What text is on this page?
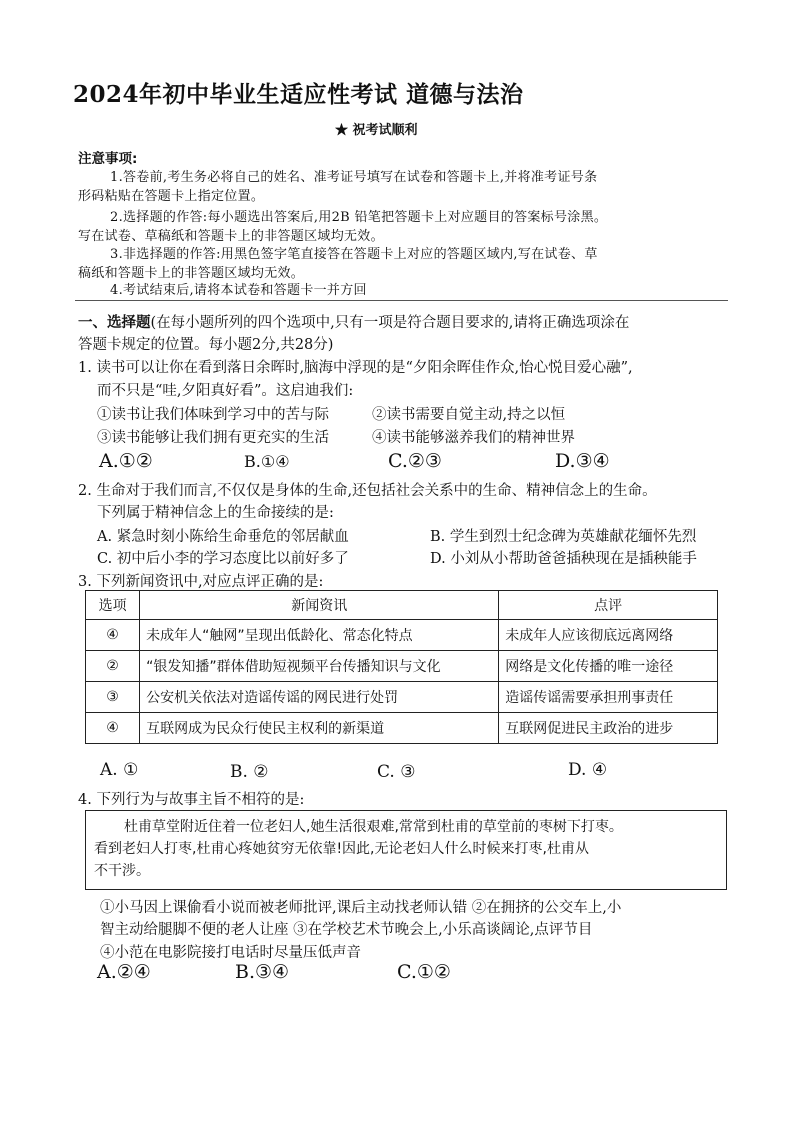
2024年初中毕业生适应性考试 道德与法治
★ 祝考试顺利
注意事项:
1.答卷前,考生务必将自己的姓名、准考证号填写在试卷和答题卡上,并将准考证号条
形码粘贴在答题卡上指定位置。
2.选择题的作答:每小题选出答案后,用2B 铅笔把答题卡上对应题目的答案标号涂黑。
写在试卷、草稿纸和答题卡上的非答题区域均无效。
3.非选择题的作答:用黑色签字笔直接答在答题卡上对应的答题区域内,写在试卷、草
稿纸和答题卡上的非答题区域均无效。
4.考试结束后,请将本试卷和答题卡一并方回
一、选择题(在每小题所列的四个选项中,只有一项是符合题目要求的,请将正确选项涂在
答题卡规定的位置。每小题2分,共28分)
1. 读书可以让你在看到落日余晖时,脑海中浮现的是“夕阳余晖佳作众,怡心悦目爱心融”,
而不只是“哇,夕阳真好看”。这启迪我们:
①读书让我们体味到学习中的苦与际	②读书需要自觉主动,持之以恒
③读书能够让我们拥有更充实的生活	④读书能够滋养我们的精神世界
A.①②	B.①④	C.②③	D.③④
2. 生命对于我们而言,不仅仅是身体的生命,还包括社会关系中的生命、精神信念上的生命。
下列属于精神信念上的生命接续的是:
A. 紧急时刻小陈给生命垂危的邻居献血	B. 学生到烈士纪念碑为英雄献花缅怀先烈
C. 初中后小李的学习态度比以前好多了	D. 小刘从小帮助爸爸插秧现在是插秧能手
3. 下列新闻资讯中,对应点评正确的是:
选项	新闻资讯	点评
④	未成年人“触网”呈现出低龄化、常态化特点	未成年人应该彻底远离网络
②	“银发知播”群体借助短视频平台传播知识与文化	网络是文化传播的唯一途径
③	公安机关依法对造谣传谣的网民进行处罚	造谣传谣需要承担刑事责任
④	互联网成为民众行使民主权利的新渠道	互联网促进民主政治的进步
A. ①	B. ②	C. ③	D. ④
4. 下列行为与故事主旨不相符的是:
杜甫草堂附近住着一位老妇人,她生活很艰难,常常到杜甫的草堂前的枣树下打枣。
看到老妇人打枣,杜甫心疼她贫穷无依靠!因此,无论老妇人什么时候来打枣,杜甫从
不干涉。
①小马因上课偷看小说而被老师批评,课后主动找老师认错 ②在拥挤的公交车上,小
智主动给腿脚不便的老人让座 ③在学校艺术节晚会上,小乐高谈阔论,点评节目
④小范在电影院接打电话时尽量压低声音
A.②④	B.③④	C.①②
